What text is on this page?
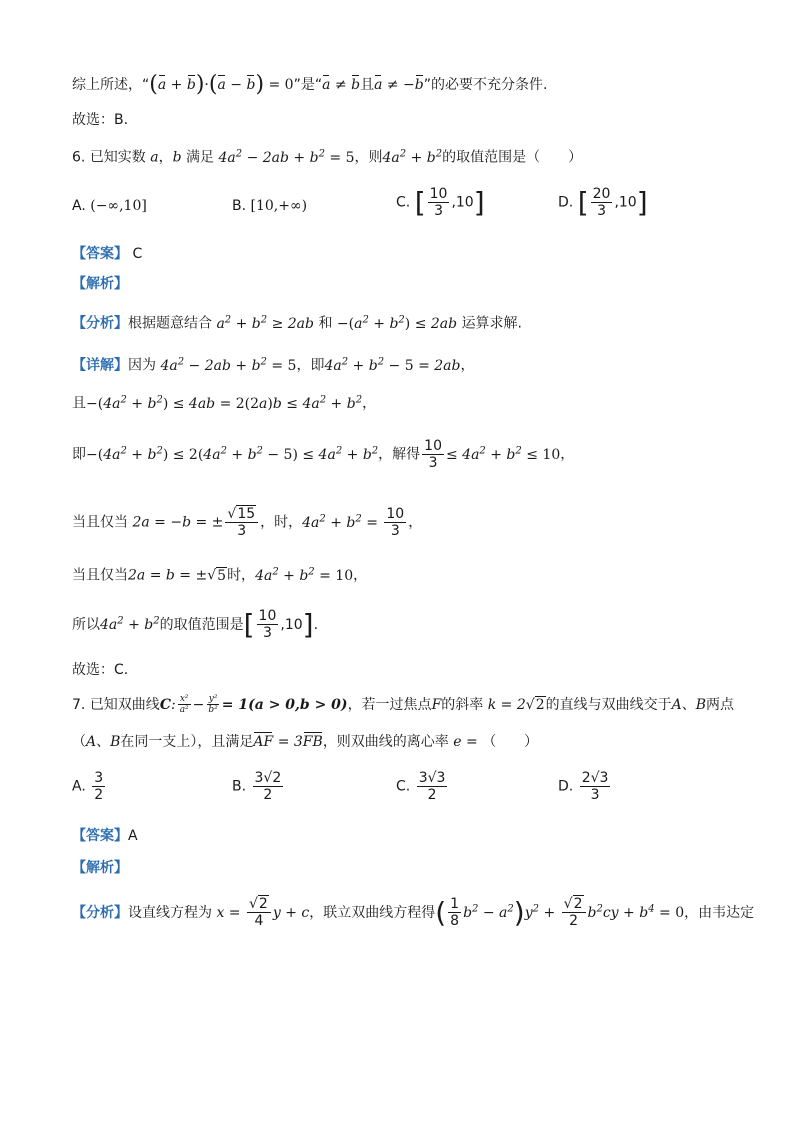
综上所述，“(a + b)·(a − b) = 0”是“a ≠ b且a ≠ −b”的必要不充分条件.
故选：B.
6. 已知实数 a，b 满足 $4a^2 - 2ab + b^2 = 5$，则$4a^2 + b^2$的取值范围是（　　）
A. (−∞,10]	B. [10,+∞)	C. [ $\frac{10}{3} ,10$]	D. [ $\frac{20}{3} ,10$]
【答案】 C
【解析】
【分析】根据题意结合 $a^2 + b^2 \ge 2ab$ 和 $-(a^2 + b^2) \le 2ab$ 运算求解.
【详解】因为 $4a^2 - 2ab + b^2 = 5$，即$4a^2 + b^2 - 5 = 2ab$，
且$-(4a^2 + b^2) \le 4ab = 2(2a)b \le 4a^2 + b^2$，
即$-(4a^2 + b^2) \le 2(4a^2 + b^2 - 5) \le 4a^2 + b^2$，解得 $\frac{10}{3} \le 4a^2 + b^2 \le 10$，
当且仅当 2a = −b = ± $\frac{√15}{3}$ ，时，$4a^2 + b^2 = \frac{10}{3}$ ，
当且仅当2a = b = ±√5时，$4a^2 + b^2 = 10$，
所以$4a^2 + b^2$的取值范围是[ $\frac{10}{3} ,10$].
故选：C.
7. 已知双曲线C: $\frac{\text{x²}}{\text{a²}} - \frac{\text{y²}}{\text{b²}} = 1(a > 0,b > 0)$，若一过焦点F的斜率 k = 2√2的直线与双曲线交于A、B两点
（A、B在同一支上），且满足AF = 3FB，则双曲线的离心率 e = （　　）
A. $\frac{3}{2}$	B. $\frac{3√2}{2}$	C. $\frac{3√3}{2}$	D. $\frac{2√3}{3}$
【答案】A
【解析】
【分析】设直线方程为 $x = \frac{√2}{4}$ y + c，联立双曲线方程得( $\frac{1}{8} b^2 - a^2)y^2 + \frac{√2}{2} b^2cy + b^4 = 0$，由韦达定
